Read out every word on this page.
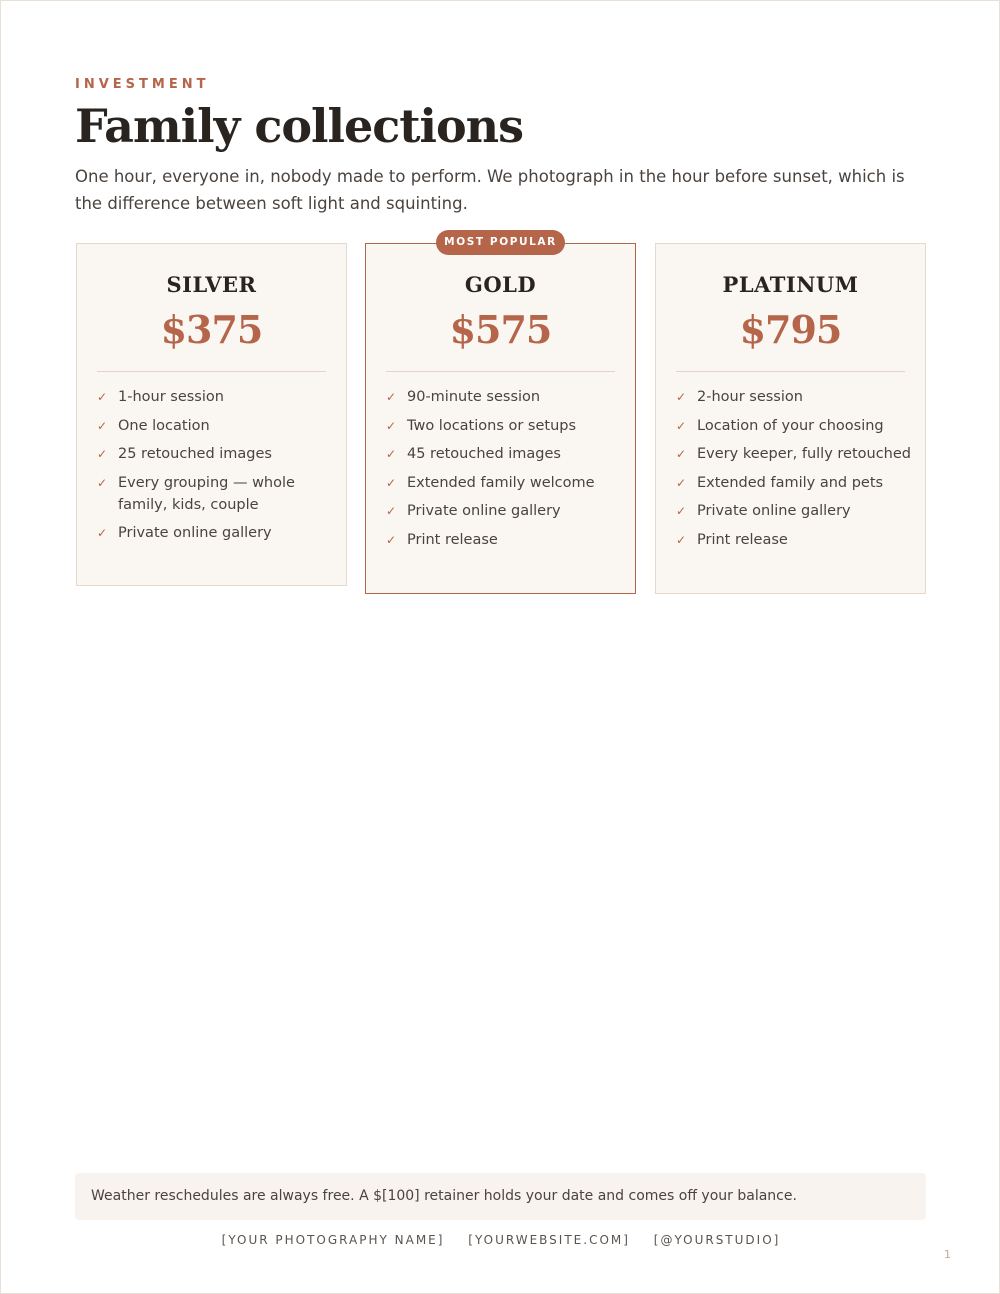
INVESTMENT
Family collections

One hour, everyone in, nobody made to perform. We photograph in the hour before sunset, which is the difference between soft light and squinting.

SILVER
$375
✓ 1-hour session
✓ One location
✓ 25 retouched images
✓ Every grouping — whole family, kids, couple
✓ Private online gallery
GOLD
$575
✓ 90-minute session
✓ Two locations or setups
✓ 45 retouched images
✓ Extended family welcome
✓ Private online gallery
✓ Print release
MOST POPULAR
PLATINUM
$795
✓ 2-hour session
✓ Location of your choosing
✓ Every keeper, fully retouched
✓ Extended family and pets
✓ Private online gallery
✓ Print release
Weather reschedules are always free. A $[100] retainer holds your date and comes off your balance.
[YOUR PHOTOGRAPHY NAME] [YOURWEBSITE.COM] [@YOURSTUDIO]
1
